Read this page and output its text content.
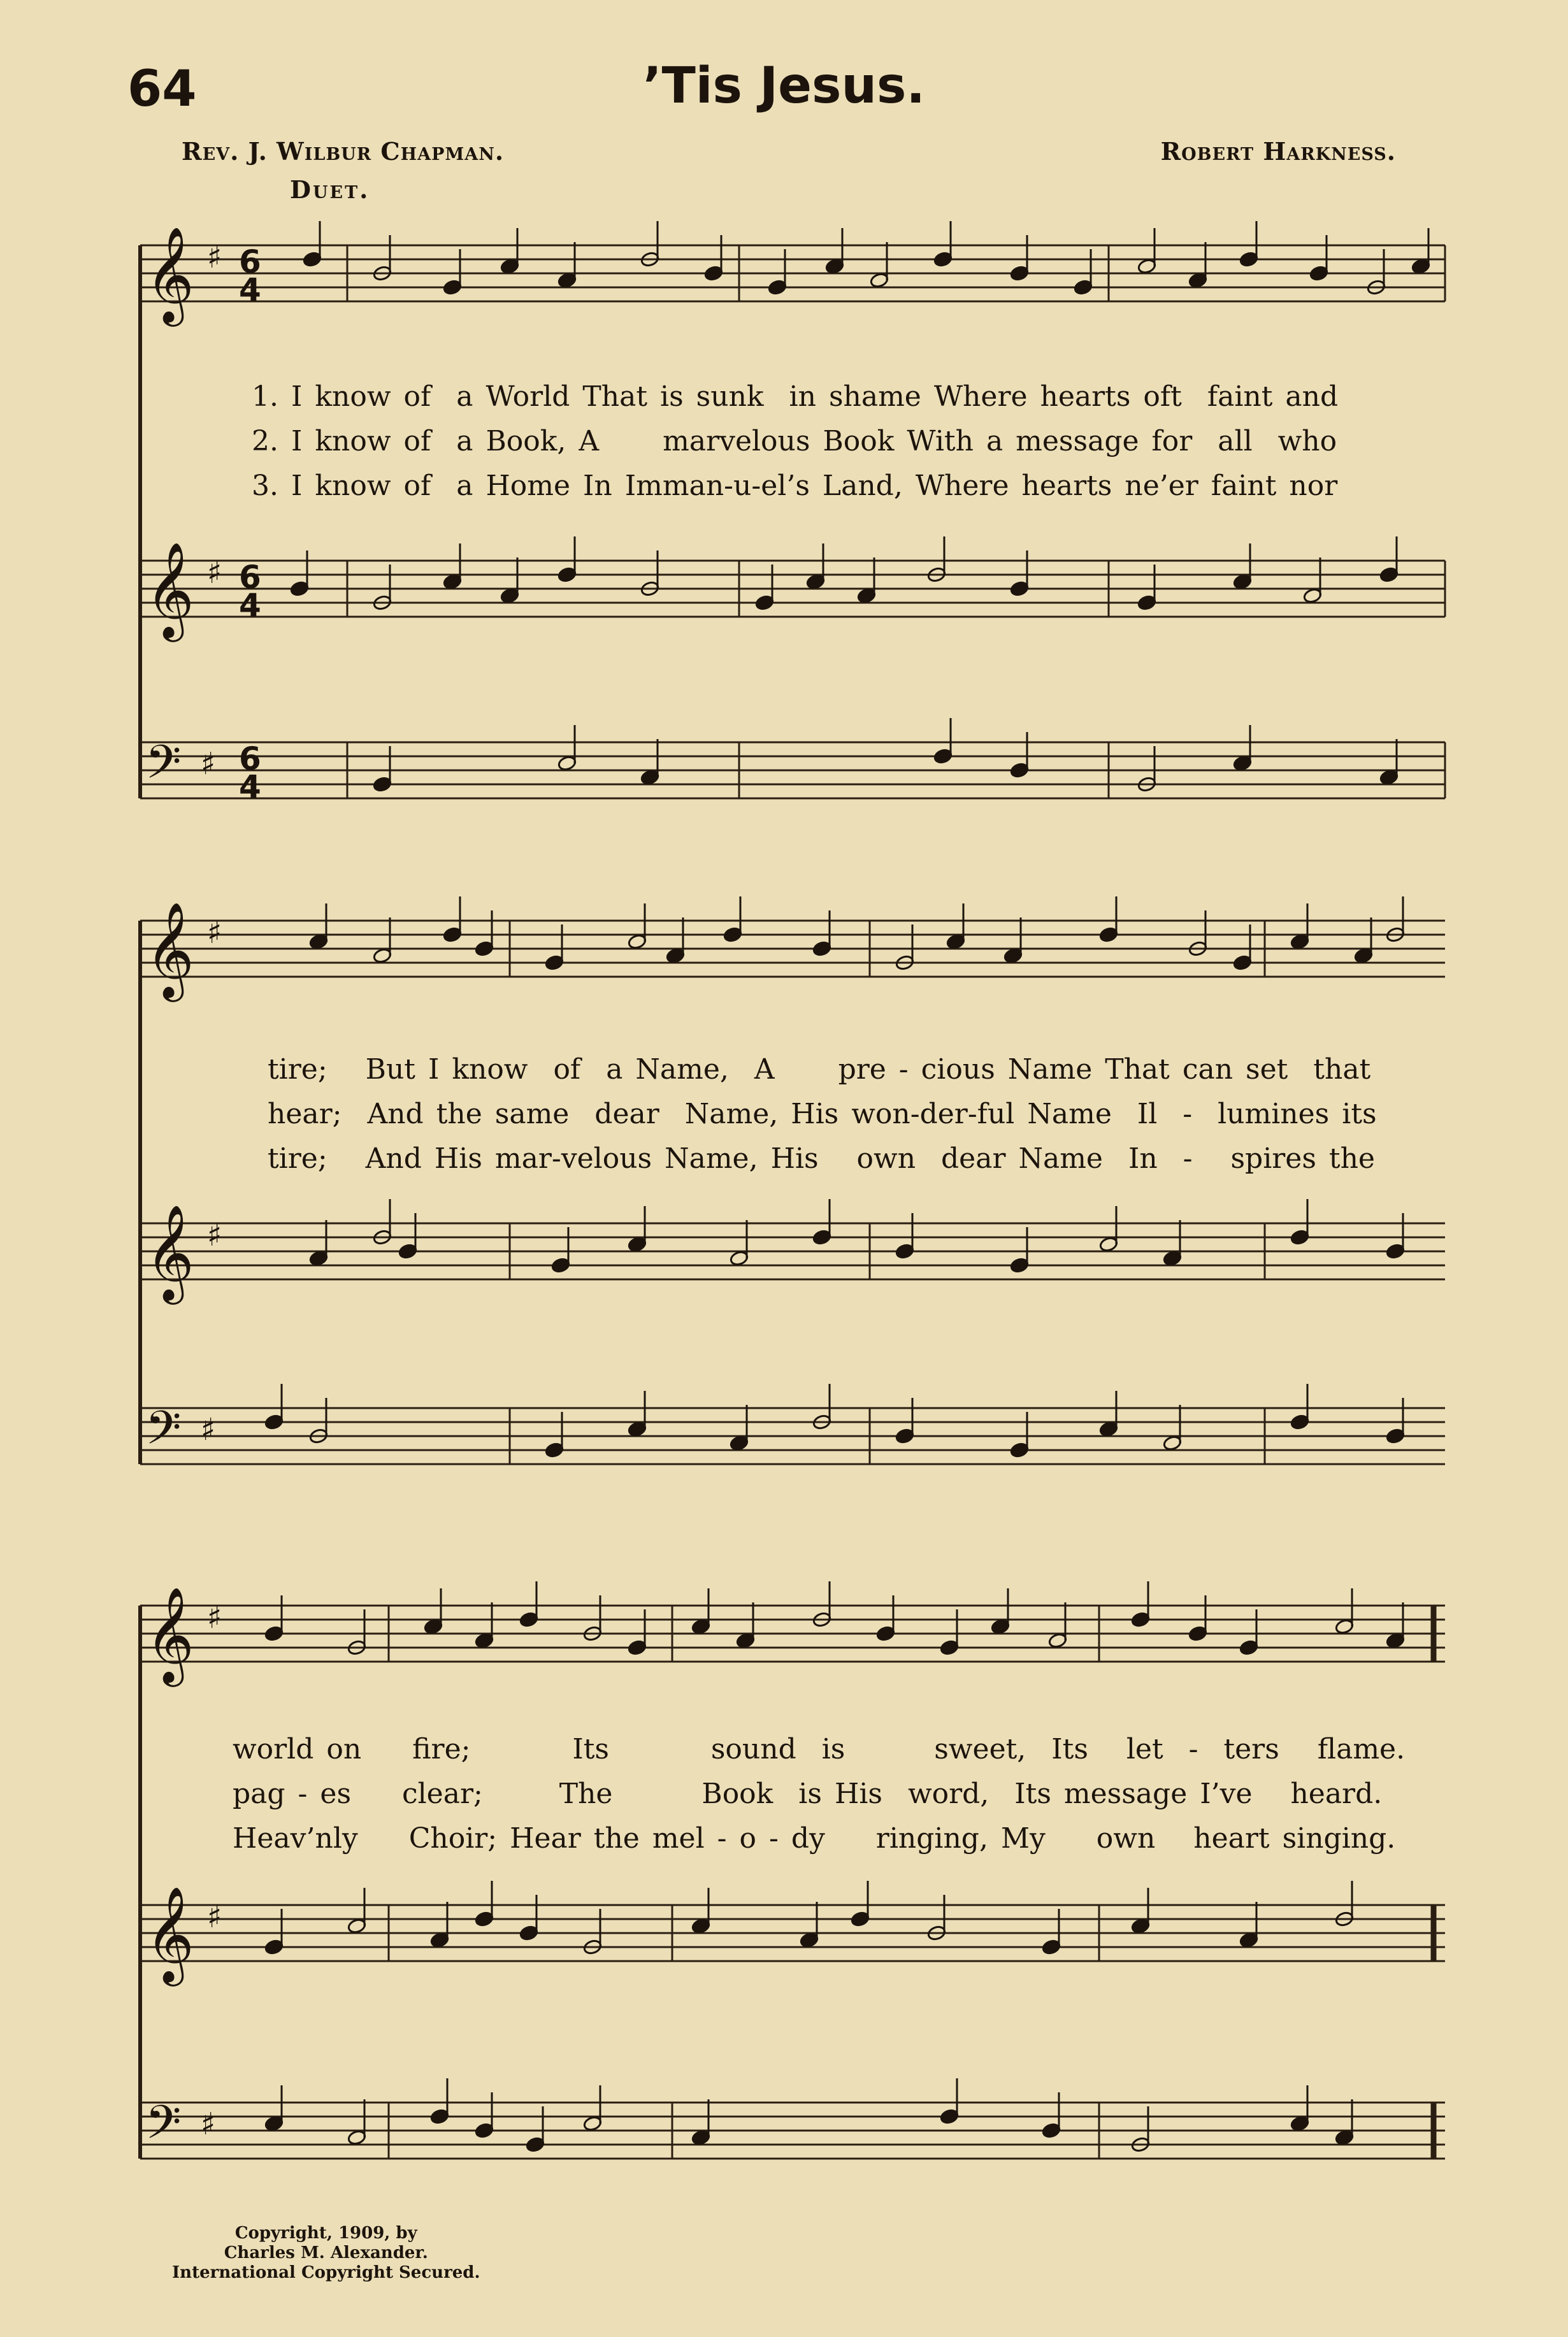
64	’Tis Jesus.
Rev. J. Wilbur Chapman.	Robert Harkness.
Duet.
𝄞
𝄞
𝄢
𝄞
𝄞
𝄢
𝄞
𝄞
𝄢
♯
♯
♯
♯
♯
♯
♯
♯
♯
6
4
6
4
6
4
1. I know of  a World That is sunk  in shame Where hearts oft  faint and
2. I know of  a Book, A     marvelous Book With a message for  all  who
3. I know of  a Home In Imman-u-el’s Land, Where hearts ne’er faint nor
tire;   But I know  of  a Name,  A     pre - cious Name That can set  that
hear;  And the same  dear  Name, His won-der-ful Name  Il  -  lumines its
tire;   And His mar-velous Name, His   own  dear Name  In  -   spires the
world on    fire;        Its        sound  is       sweet,  Its   let  -  ters   flame.
pag - es    clear;      The       Book  is His  word,  Its message I’ve   heard.
Heav’nly    Choir; Hear the mel - o - dy    ringing, My    own   heart singing.
Copyright, 1909, by
Charles M. Alexander.
International Copyright Secured.
